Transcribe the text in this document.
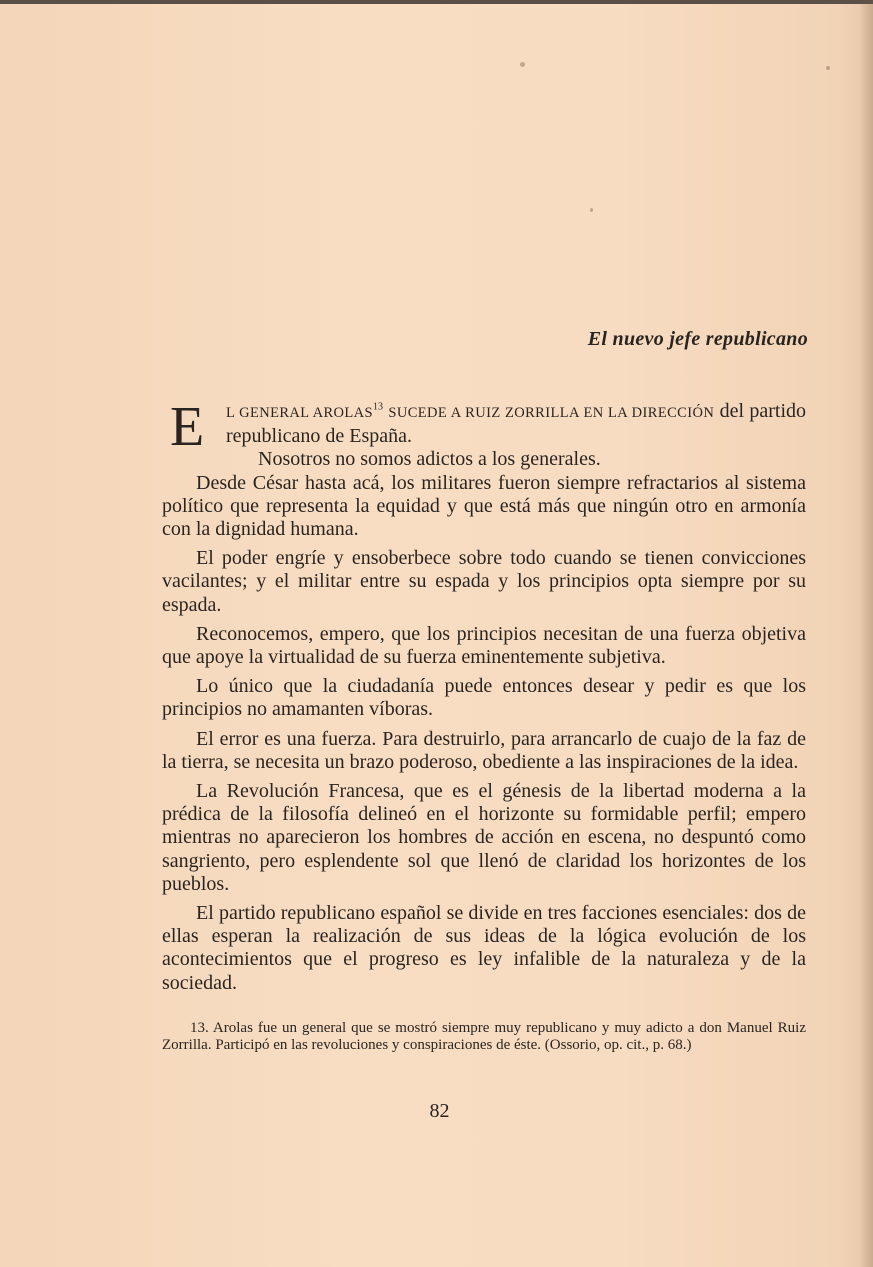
El nuevo jefe republicano
E L GENERAL AROLAS$^{13}$ SUCEDE A RUIZ ZORRILLA EN LA DIRECCIÓN del partido republicano de España.
Nosotros no somos adictos a los generales.

Desde César hasta acá, los militares fueron siempre refractarios al sistema político que representa la equidad y que está más que ningún otro en armonía con la dignidad humana.

El poder engríe y ensoberbece sobre todo cuando se tienen convicciones vacilantes; y el militar entre su espada y los principios opta siempre por su espada.

Reconocemos, empero, que los principios necesitan de una fuerza objetiva que apoye la virtualidad de su fuerza eminentemente subjetiva.

Lo único que la ciudadanía puede entonces desear y pedir es que los principios no amamanten víboras.

El error es una fuerza. Para destruirlo, para arrancarlo de cuajo de la faz de la tierra, se necesita un brazo poderoso, obediente a las inspiraciones de la idea.

La Revolución Francesa, que es el génesis de la libertad moderna a la prédica de la filosofía delineó en el horizonte su formidable perfil; empero mientras no aparecieron los hombres de acción en escena, no despuntó como sangriento, pero esplendente sol que llenó de claridad los horizontes de los pueblos.

El partido republicano español se divide en tres facciones esenciales: dos de ellas esperan la realización de sus ideas de la lógica evolución de los acontecimientos que el progreso es ley infalible de la naturaleza y de la sociedad.

13. Arolas fue un general que se mostró siempre muy republicano y muy adicto a don Manuel Ruiz Zorrilla. Participó en las revoluciones y conspiraciones de éste. (Ossorio, op. cit., p. 68.)
82
